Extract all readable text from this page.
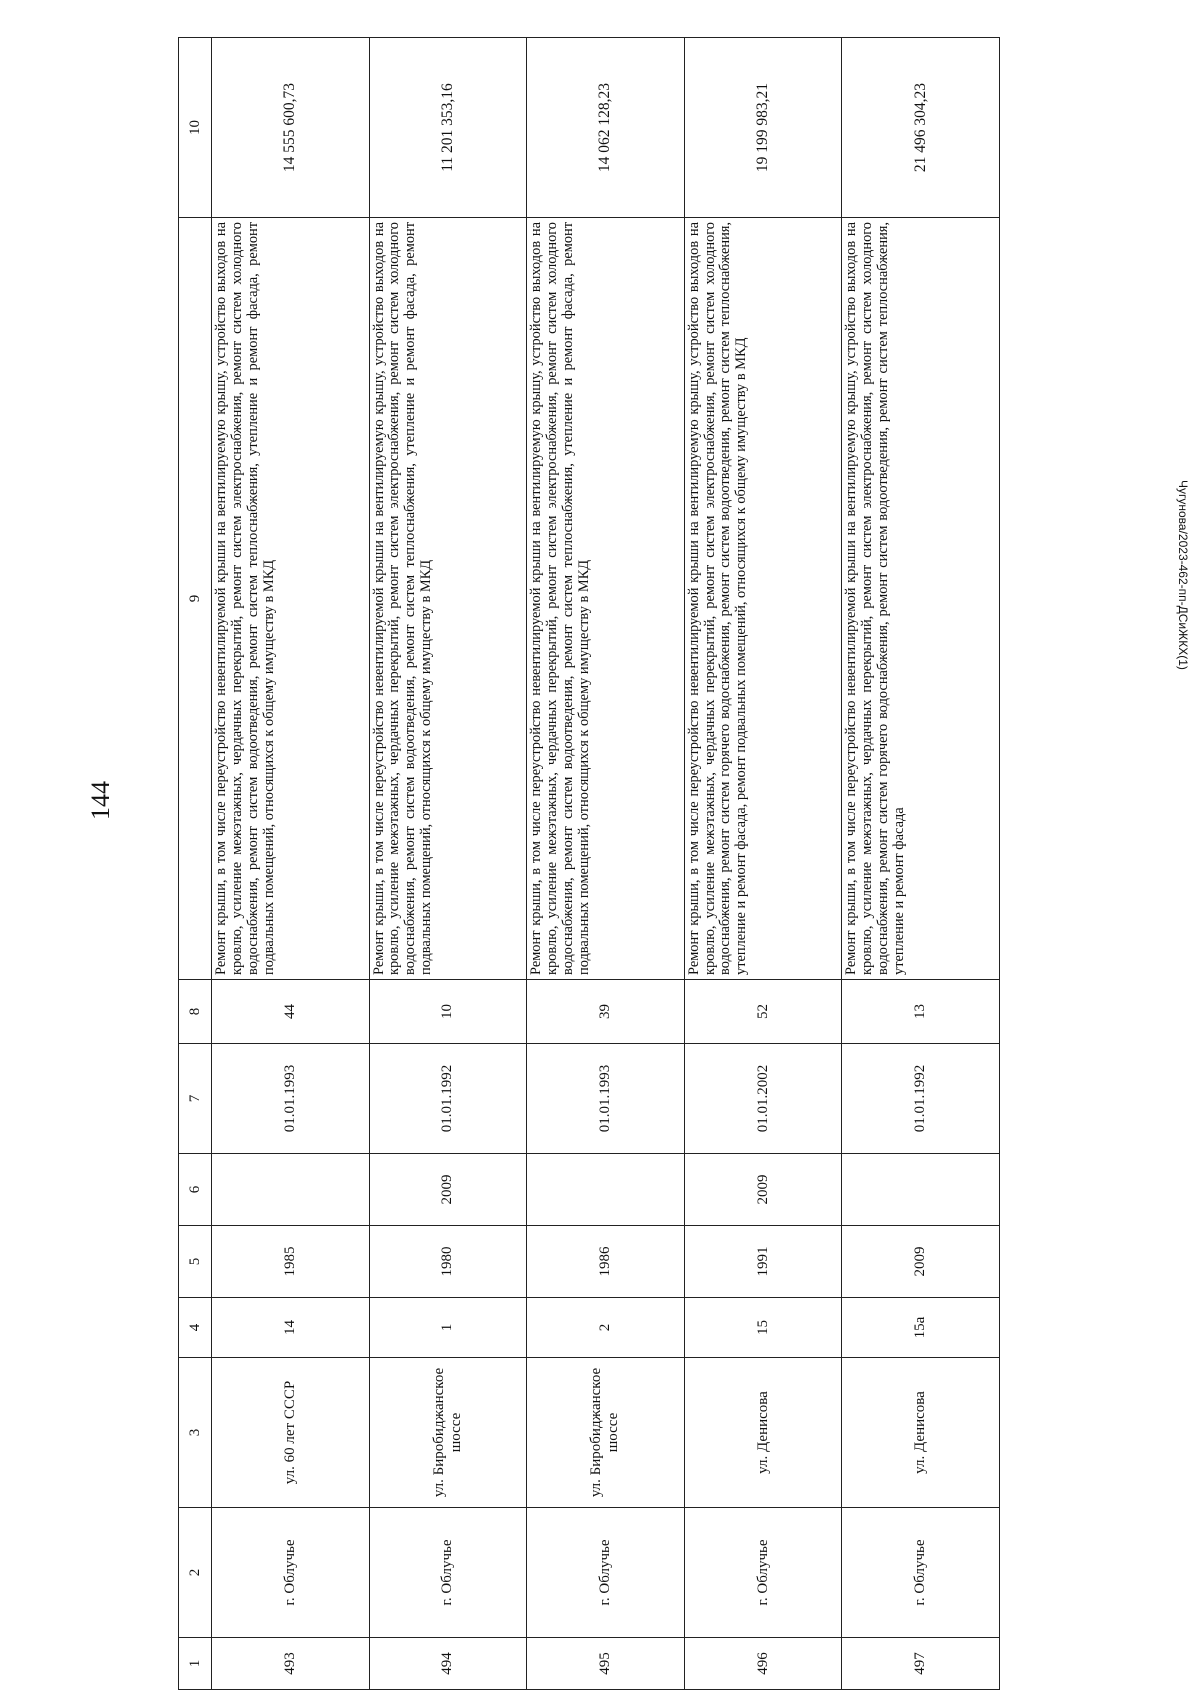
144
Чугунова/2023-462-пп-ДСиЖКХ(1)
1	2	3	4	5	6	7	8	9	10
493	г. Облучье	ул. 60 лет СССР	14	1985		01.01.1993	44	Ремонт крыши, в том числе переустройство невентилируемой крыши на вентилируемую крышу, устройство выходов на кровлю, усиление межэтажных, чердачных перекрытий, ремонт систем электроснабжения, ремонт систем холодного водоснабжения, ремонт систем водоотведения, ремонт систем теплоснабжения, утепление и ремонт фасада, ремонт подвальных помещений, относящихся к общему имуществу в МКД	14 555 600,73
494	г. Облучье	ул. Биробиджанское шоссе	1	1980	2009	01.01.1992	10	Ремонт крыши, в том числе переустройство невентилируемой крыши на вентилируемую крышу, устройство выходов на кровлю, усиление межэтажных, чердачных перекрытий, ремонт систем электроснабжения, ремонт систем холодного водоснабжения, ремонт систем водоотведения, ремонт систем теплоснабжения, утепление и ремонт фасада, ремонт подвальных помещений, относящихся к общему имуществу в МКД	11 201 353,16
495	г. Облучье	ул. Биробиджанское шоссе	2	1986		01.01.1993	39	Ремонт крыши, в том числе переустройство невентилируемой крыши на вентилируемую крышу, устройство выходов на кровлю, усиление межэтажных, чердачных перекрытий, ремонт систем электроснабжения, ремонт систем холодного водоснабжения, ремонт систем водоотведения, ремонт систем теплоснабжения, утепление и ремонт фасада, ремонт подвальных помещений, относящихся к общему имуществу в МКД	14 062 128,23
496	г. Облучье	ул. Денисова	15	1991	2009	01.01.2002	52	Ремонт крыши, в том числе переустройство невентилируемой крыши на вентилируемую крышу, устройство выходов на кровлю, усиление межэтажных, чердачных перекрытий, ремонт систем электроснабжения, ремонт систем холодного водоснабжения, ремонт систем горячего водоснабжения, ремонт систем водоотведения, ремонт систем теплоснабжения, утепление и ремонт фасада, ремонт подвальных помещений, относящихся к общему имуществу в МКД	19 199 983,21
497	г. Облучье	ул. Денисова	15а	2009		01.01.1992	13	Ремонт крыши, в том числе переустройство невентилируемой крыши на вентилируемую крышу, устройство выходов на кровлю, усиление межэтажных, чердачных перекрытий, ремонт систем электроснабжения, ремонт систем холодного водоснабжения, ремонт систем горячего водоснабжения, ремонт систем водоотведения, ремонт систем теплоснабжения, утепление и ремонт фасада	21 496 304,23
